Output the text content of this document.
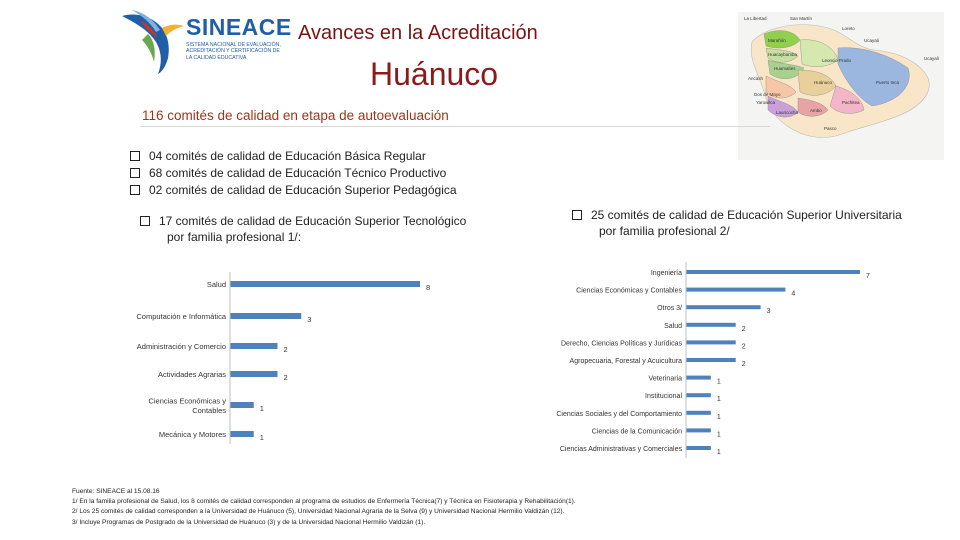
SINEACE
SISTEMA NACIONAL DE EVALUACIÓN, ACREDITACIÓN Y CERTIFICACIÓN DE LA CALIDAD EDUCATIVA
Avances en la Acreditación
Huánuco
La Libertad	San Martín
Loreto
Ucayali
Ucayali
Marañón
Huacaybamba
Huamalíes
Leoncio Prado
Puerto Inca
Ancash
Dos de Mayo
Yarowilca
Huánuco
Pachitea
Lauricocha	Ambo
Pasco
116 comités de calidad en etapa de autoevaluación
04 comités de calidad de Educación Básica Regular
68 comités de calidad de Educación Técnico Productivo
02 comités de calidad de Educación Superior Pedagógica
17 comités de calidad de Educación Superior Tecnológico
por familia profesional 1/:
25 comités de calidad de Educación Superior Universitaria
por familia profesional 2/
Salud	8
Computación e Informática	3
Administración y Comercio	2
Actividades Agrarias	2
Ciencias Económicas y Contables	1
Mecánica y Motores	1
Ingeniería	7
Ciencias Económicas y Contables	4
Otros 3/	3
Salud	2
Derecho, Ciencias Políticas y Jurídicas	2
Agropecuaria, Forestal y Acuicultura	2
Veterinaria	1
Institucional	1
Ciencias Sociales y del Comportamiento	1
Ciencias de la Comunicación	1
Ciencias Administrativas y Comerciales	1
Fuente: SINEACE al 15.08.16
1/ En la familia profesional de Salud, los 8 comités de calidad corresponden al programa de estudios de Enfermería Técnica(7) y Técnica en Fisioterapia y Rehabilitación(1).
2/ Los 25 comités de calidad corresponden a la Universidad de Huánuco (5), Universidad Nacional Agraria de la Selva (9) y Universidad Nacional Hermilio Valdizán (12).
3/ Incluye Programas de Postgrado de la Universidad de Huánuco (3) y de la Universidad Nacional Hermilio Valdizán (1).
